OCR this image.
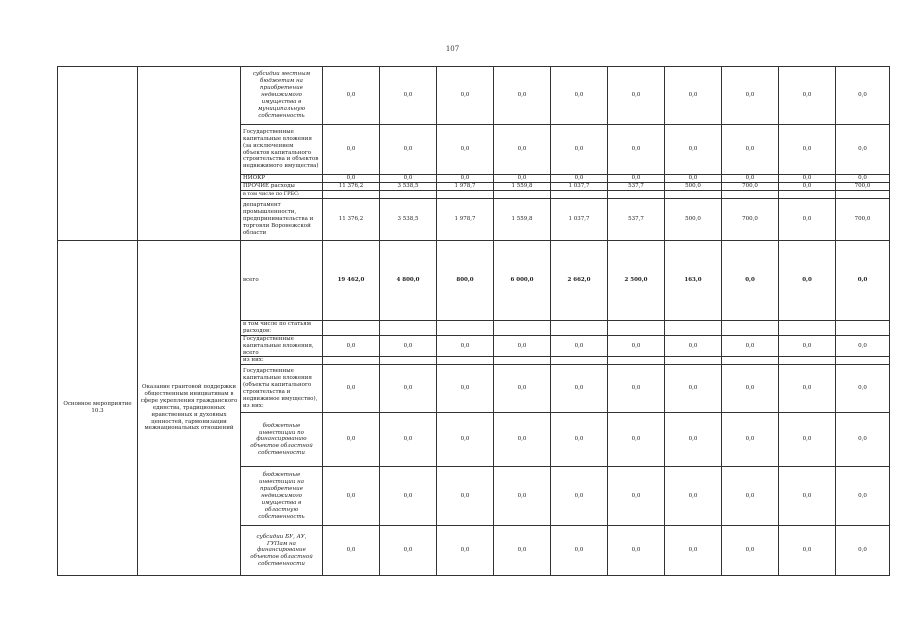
107
		субсидии местным бюджетам на приобретение недвижимого имущества в муниципальную собственность	0,0	0,0	0,0	0,0	0,0	0,0	0,0	0,0	0,0	0,0
		Государственные капитальные вложения (за исключением объектов капитального строительства и объектов недвижимого имущества)	0,0	0,0	0,0	0,0	0,0	0,0	0,0	0,0	0,0	0,0
		НИОКР	0,0	0,0	0,0	0,0	0,0	0,0	0,0	0,0	0,0	0,0
		ПРОЧИЕ расходы	11 376,2	3 538,5	1 978,7	1 559,8	1 037,7	537,7	500,0	700,0	0,0	700,0
		в том числе по ГРБС:										
		департамент промышленности, предпринимательства и торговли Воронежской области	11 376,2	3 538,5	1 978,7	1 559,8	1 037,7	537,7	500,0	700,0	0,0	700,0
Основное мероприятие 10.3	Оказание грантовой поддержки общественным инициативам в сфере укрепления гражданского единства, традиционных нравственных и духовных ценностей, гармонизации межнациональных отношений	всего	19 462,0	4 800,0	800,0	6 000,0	2 662,0	2 500,0	163,0	0,0	0,0	0,0
		в том числе по статьям расходов:										
		Государственные капитальные вложения, всего	0,0	0,0	0,0	0,0	0,0	0,0	0,0	0,0	0,0	0,0
		из них:										
		Государственные капитальные вложения (объекты капитального строительства и недвижимое имущество), из них:	0,0	0,0	0,0	0,0	0,0	0,0	0,0	0,0	0,0	0,0
		бюджетные инвестиции по финансированию объектов областной собственности	0,0	0,0	0,0	0,0	0,0	0,0	0,0	0,0	0,0	0,0
		бюджетные инвестиции на приобретение недвижимого имущества в областную собственность	0,0	0,0	0,0	0,0	0,0	0,0	0,0	0,0	0,0	0,0
		субсидии БУ, АУ, ГУПам на финансирование объектов областной собственности	0,0	0,0	0,0	0,0	0,0	0,0	0,0	0,0	0,0	0,0
